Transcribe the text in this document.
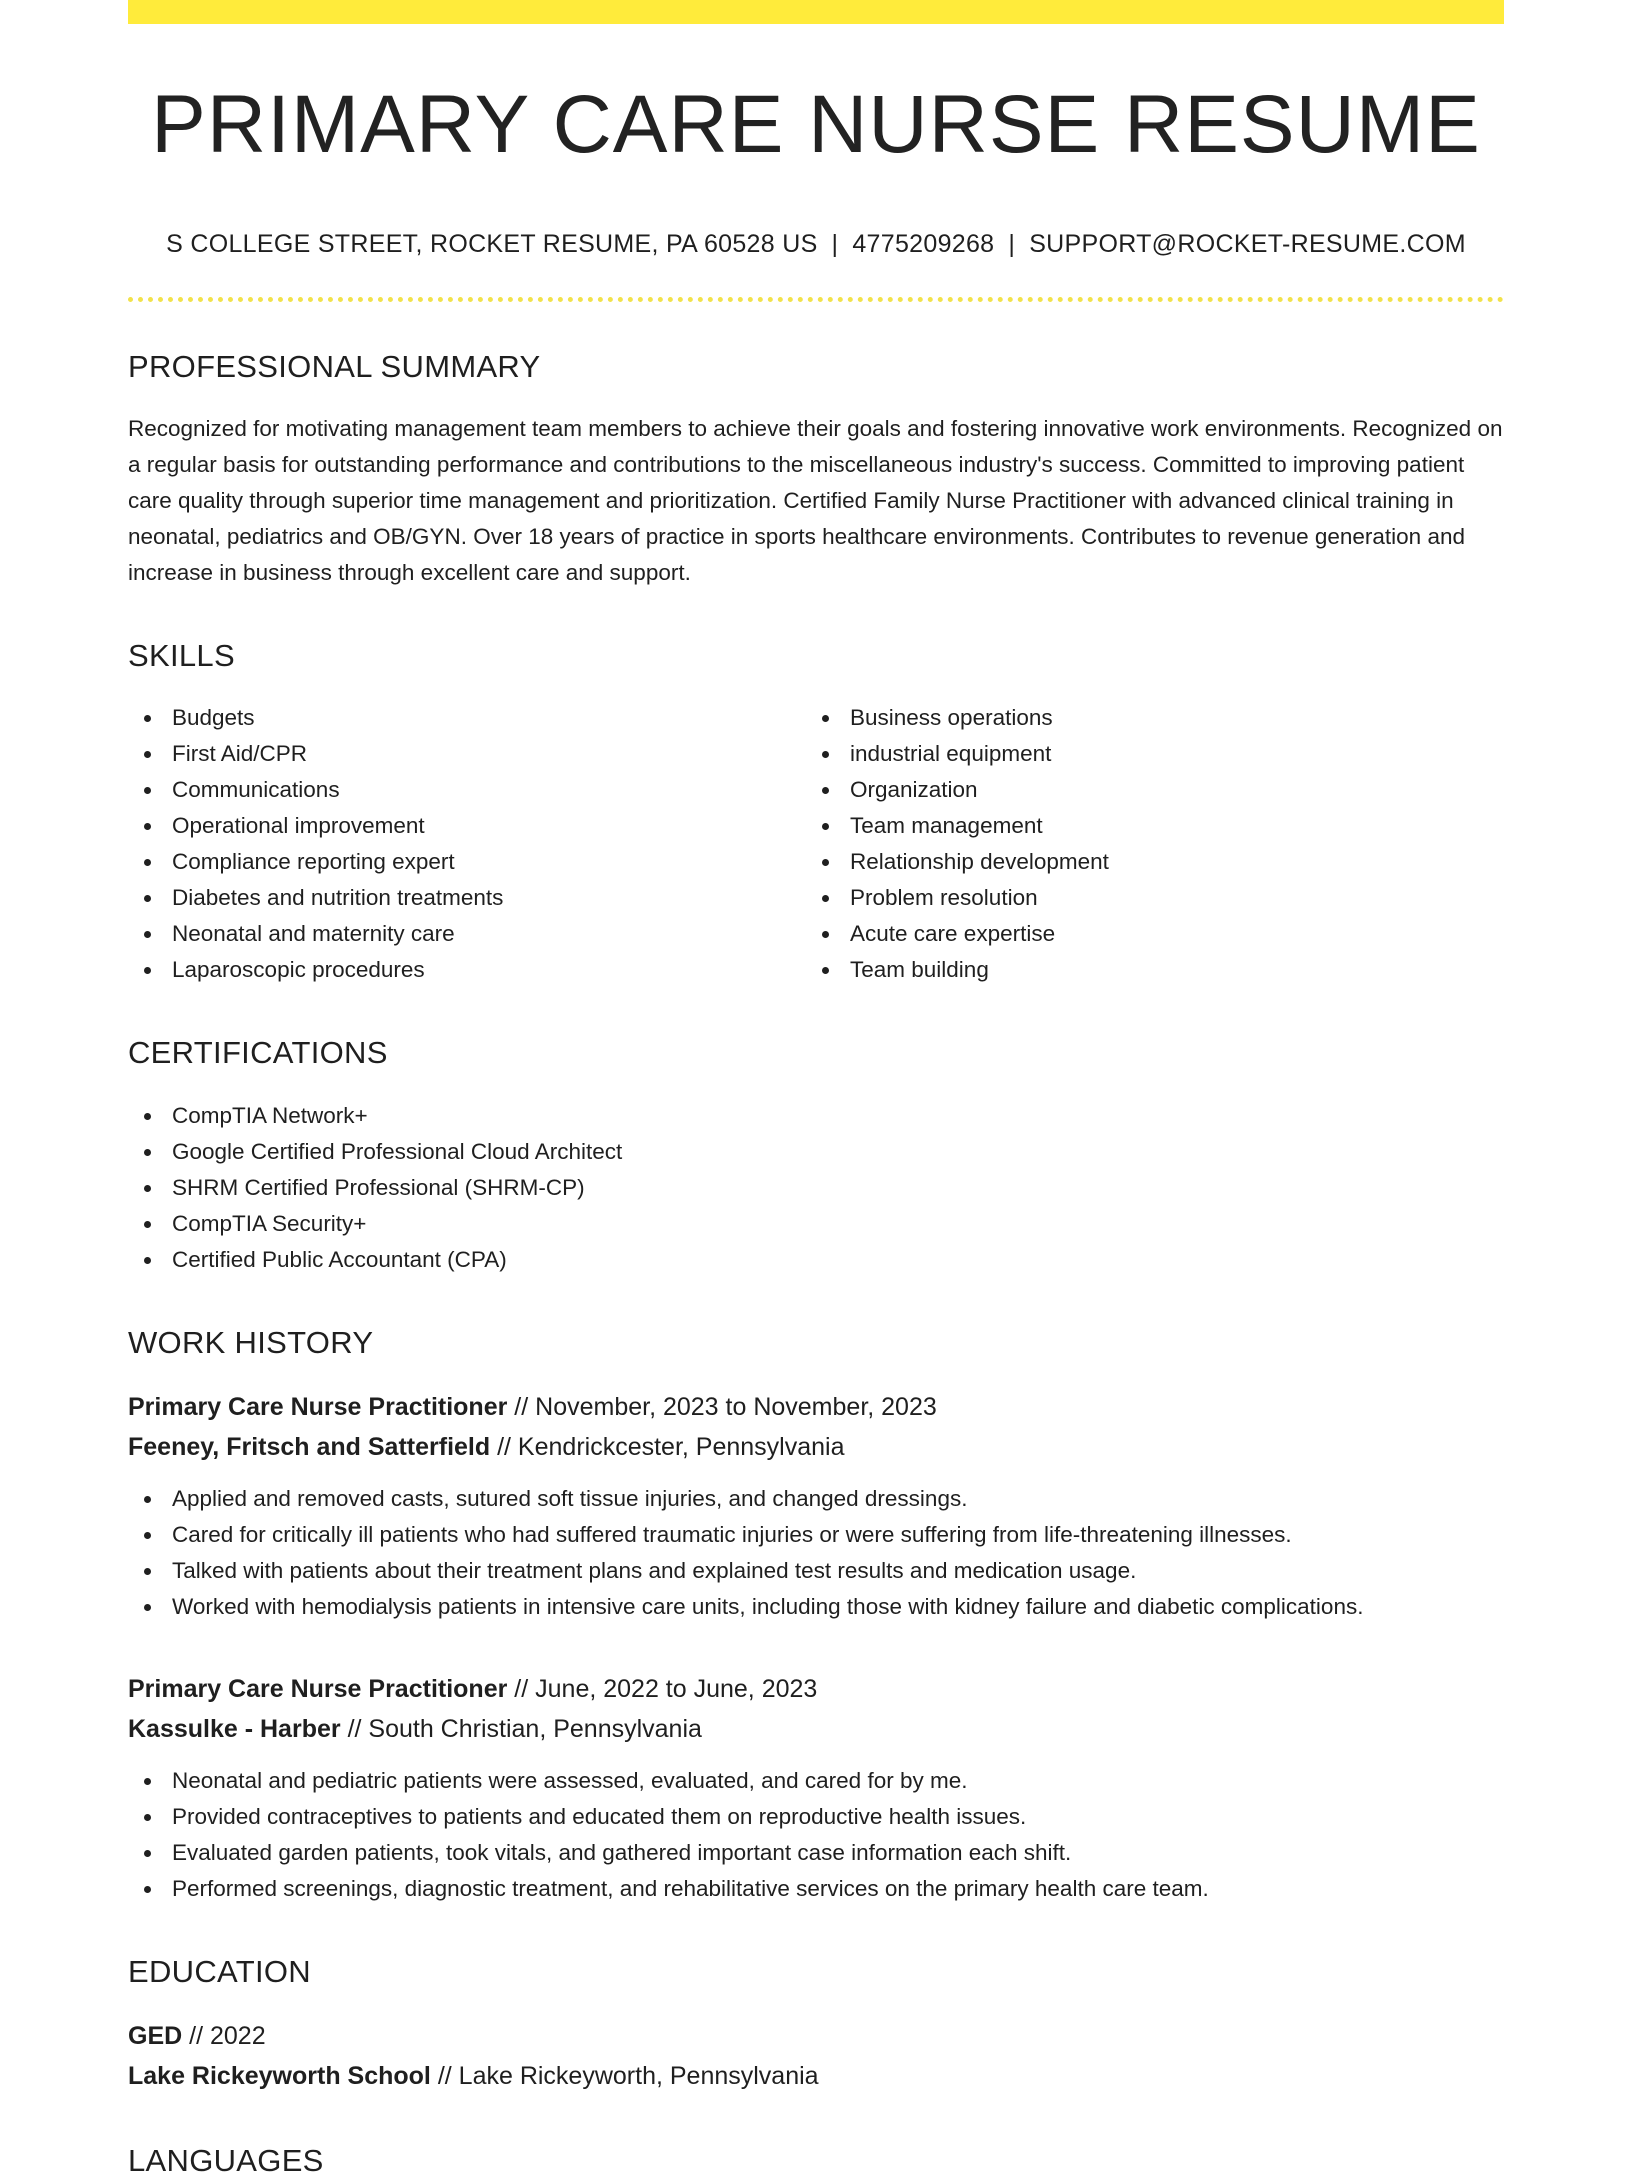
PRIMARY CARE NURSE RESUME
S COLLEGE STREET, ROCKET RESUME, PA 60528 US | 4775209268 | SUPPORT@ROCKET-RESUME.COM
PROFESSIONAL SUMMARY

Recognized for motivating management team members to achieve their goals and fostering innovative work environments. Recognized on a regular basis for outstanding performance and contributions to the miscellaneous industry's success. Committed to improving patient care quality through superior time management and prioritization. Certified Family Nurse Practitioner with advanced clinical training in neonatal, pediatrics and OB/GYN. Over 18 years of practice in sports healthcare environments. Contributes to revenue generation and increase in business through excellent care and support.

SKILLS
Budgets
First Aid/CPR
Communications
Operational improvement
Compliance reporting expert
Diabetes and nutrition treatments
Neonatal and maternity care
Laparoscopic procedures
Business operations
industrial equipment
Organization
Team management
Relationship development
Problem resolution
Acute care expertise
Team building
CERTIFICATIONS
CompTIA Network+
Google Certified Professional Cloud Architect
SHRM Certified Professional (SHRM-CP)
CompTIA Security+
Certified Public Accountant (CPA)
WORK HISTORY
Primary Care Nurse Practitioner // November, 2023 to November, 2023
Feeney, Fritsch and Satterfield // Kendrickcester, Pennsylvania
Applied and removed casts, sutured soft tissue injuries, and changed dressings.
Cared for critically ill patients who had suffered traumatic injuries or were suffering from life-threatening illnesses.
Talked with patients about their treatment plans and explained test results and medication usage.
Worked with hemodialysis patients in intensive care units, including those with kidney failure and diabetic complications.
Primary Care Nurse Practitioner // June, 2022 to June, 2023
Kassulke - Harber // South Christian, Pennsylvania
Neonatal and pediatric patients were assessed, evaluated, and cared for by me.
Provided contraceptives to patients and educated them on reproductive health issues.
Evaluated garden patients, took vitals, and gathered important case information each shift.
Performed screenings, diagnostic treatment, and rehabilitative services on the primary health care team.
EDUCATION
GED // 2022
Lake Rickeyworth School // Lake Rickeyworth, Pennsylvania
LANGUAGES
